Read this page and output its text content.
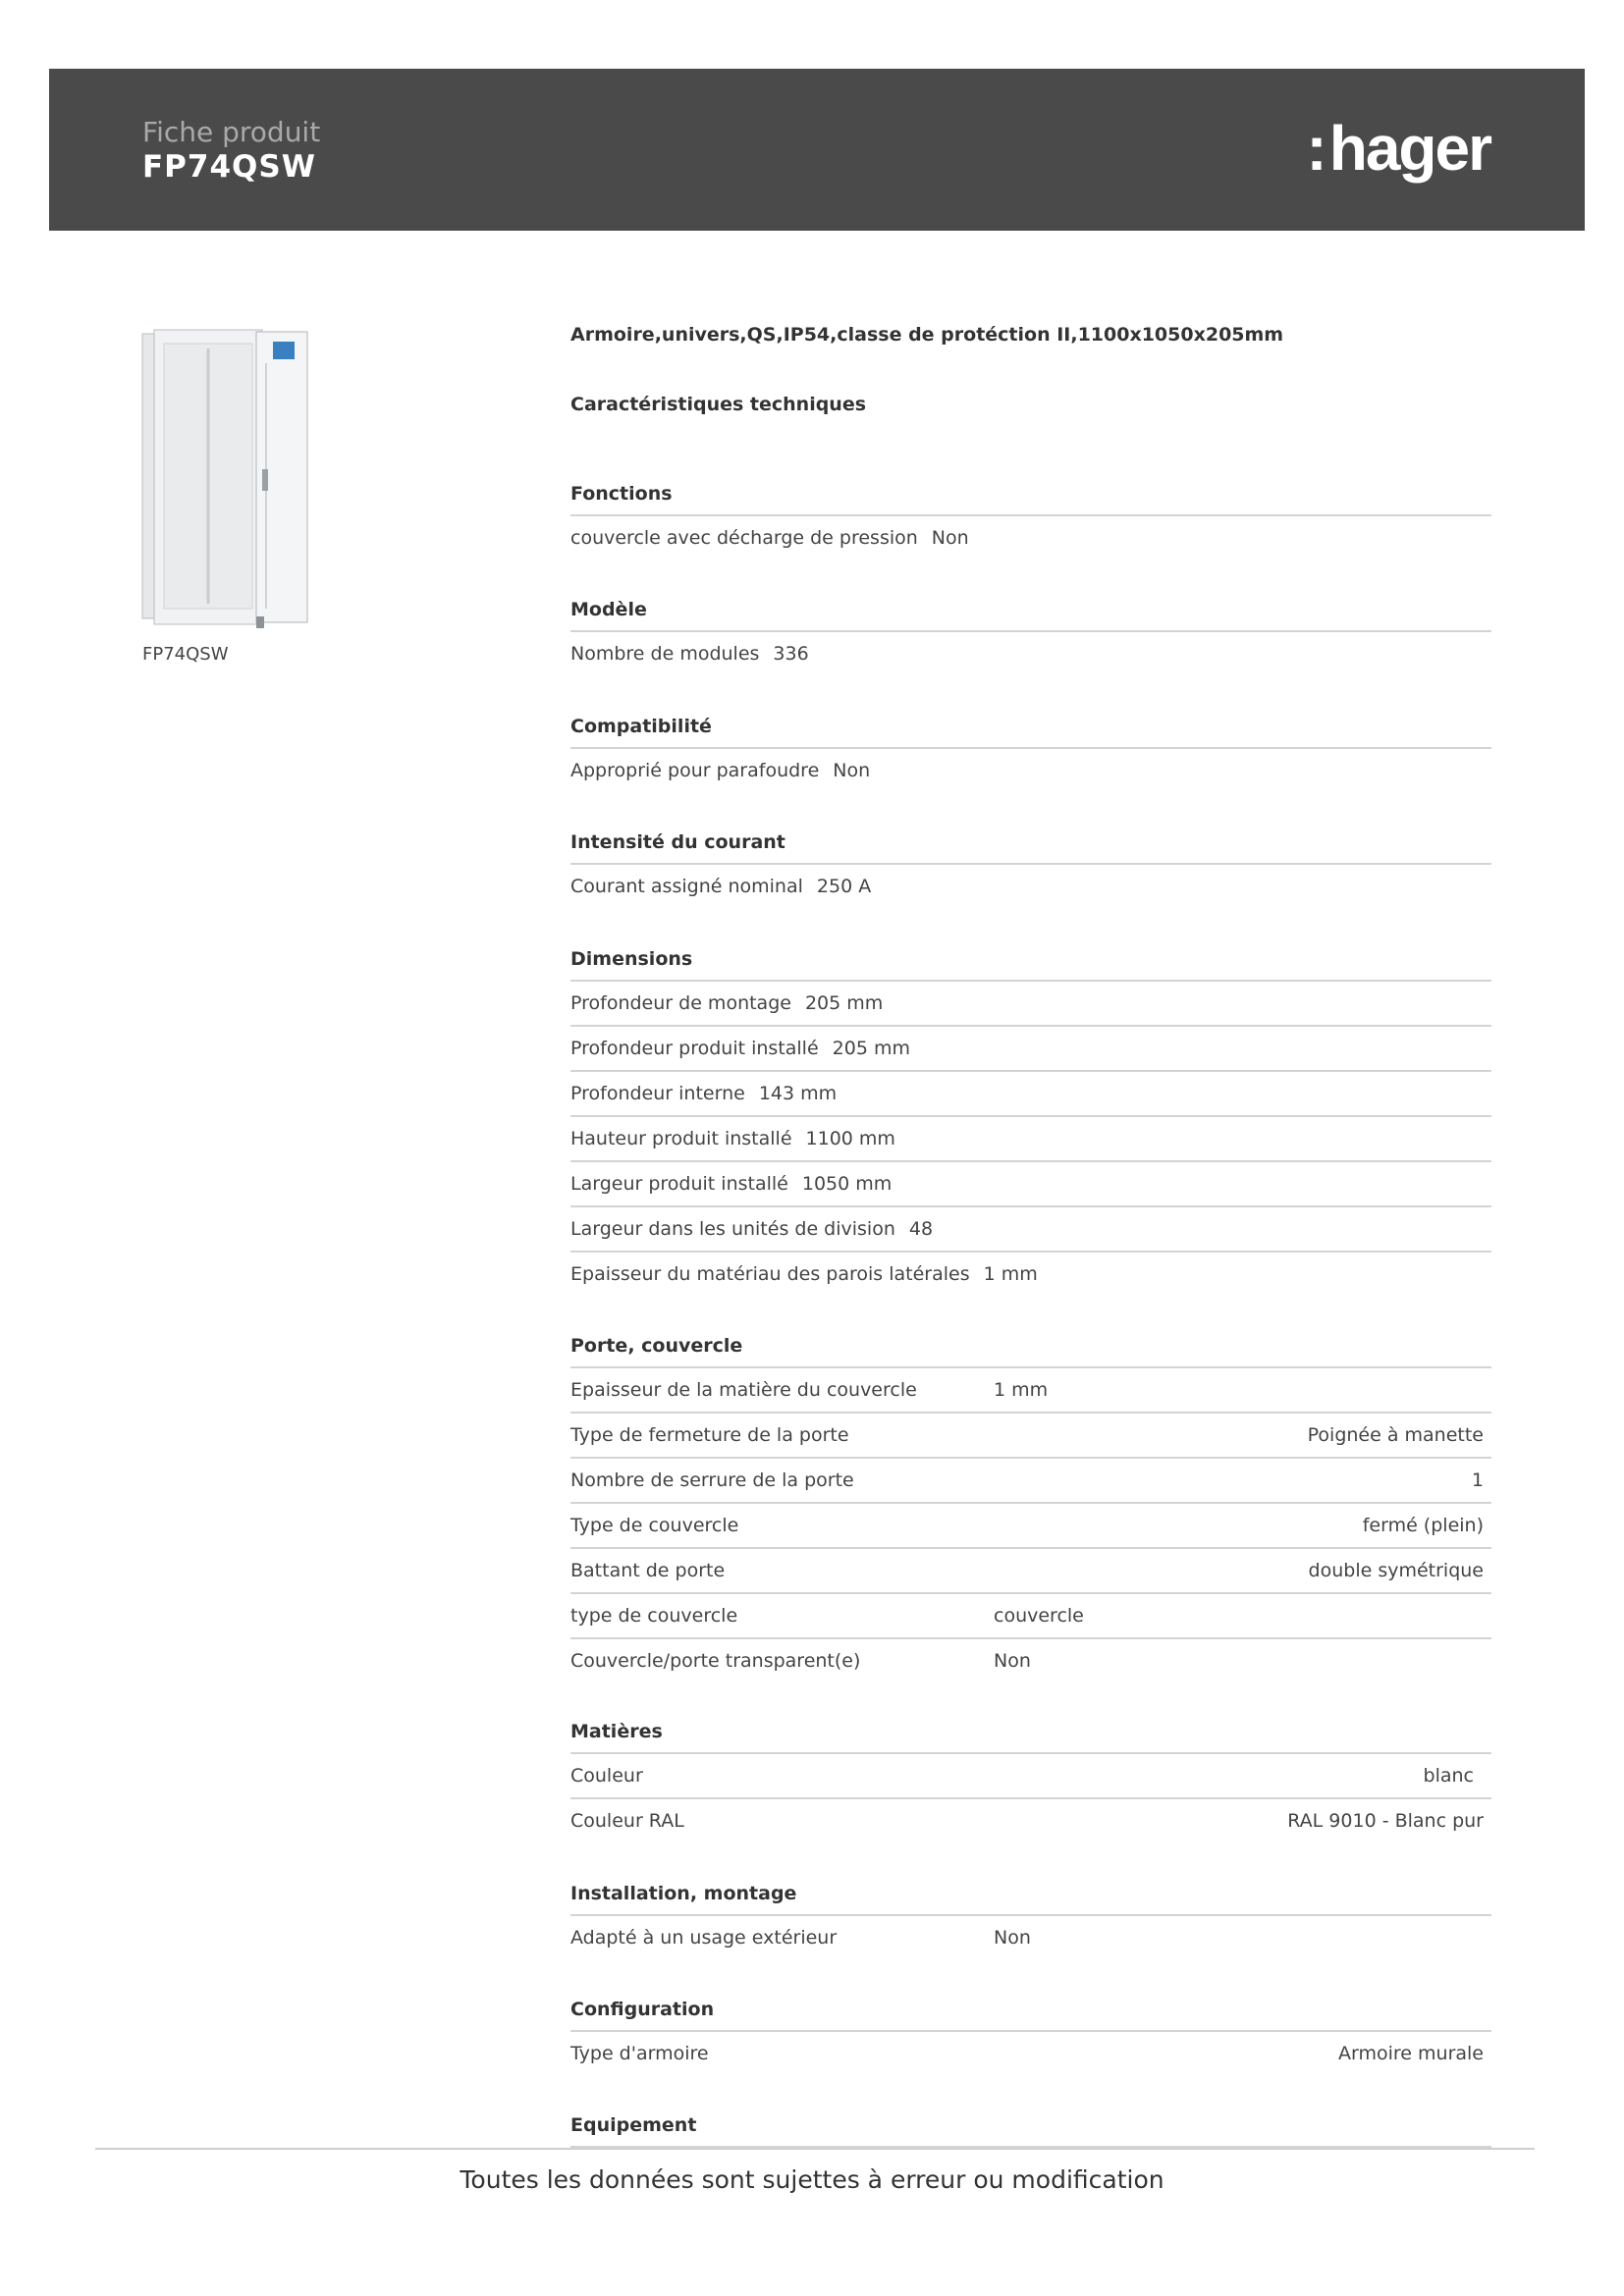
Fiche produit
FP74QSW	:hager
FP74QSW
Armoire,univers,QS,IP54,classe de protéction II,1100x1050x205mm
Caractéristiques techniques
Fonctions
couvercle avec décharge de pression Non
Modèle
Nombre de modules 336
Compatibilité
Approprié pour parafoudre Non
Intensité du courant
Courant assigné nominal 250 A
Dimensions
Profondeur de montage 205 mm
Profondeur produit installé 205 mm
Profondeur interne 143 mm
Hauteur produit installé 1100 mm
Largeur produit installé 1050 mm
Largeur dans les unités de division 48
Epaisseur du matériau des parois latérales 1 mm
Porte, couvercle
Epaisseur de la matière du couvercle	1 mm
Type de fermeture de la porte	Poignée à manette
Nombre de serrure de la porte	1
Type de couvercle	fermé (plein)
Battant de porte	double symétrique
type de couvercle	couvercle
Couvercle/porte transparent(e)	Non
Matières
Couleur	blanc
Couleur RAL	RAL 9010 - Blanc pur
Installation, montage
Adapté à un usage extérieur	Non
Configuration
Type d'armoire	Armoire murale
Equipement
Toutes les données sont sujettes à erreur ou modification
